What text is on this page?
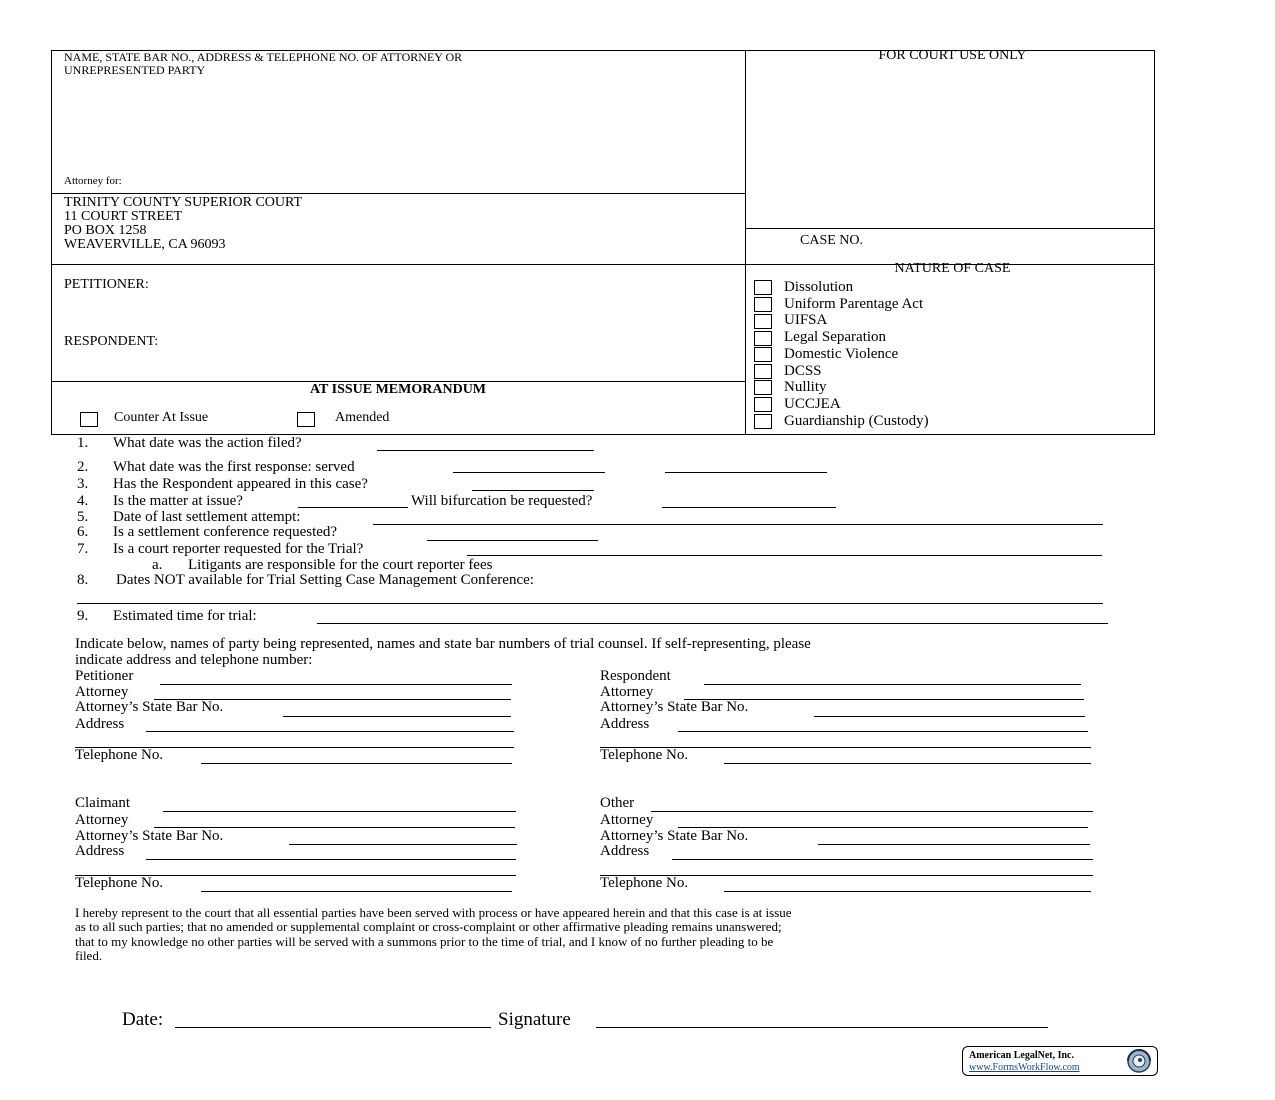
NAME, STATE BAR NO., ADDRESS & TELEPHONE NO. OF ATTORNEY OR
UNREPRESENTED PARTY
Attorney for:
FOR COURT USE ONLY
TRINITY COUNTY SUPERIOR COURT
11 COURT STREET
PO BOX 1258
WEAVERVILLE, CA 96093	CASE NO.
PETITIONER:
RESPONDENT:
AT ISSUE MEMORANDUM
Counter At Issue	Amended
NATURE OF CASE
Dissolution
Uniform Parentage Act
UIFSA
Legal Separation
Domestic Violence
DCSS
Nullity
UCCJEA
Guardianship (Custody)
1. What date was the action filed?
2. What date was the first response: served
3. Has the Respondent appeared in this case?
4. Is the matter at issue?	Will bifurcation be requested?
5. Date of last settlement attempt:
6. Is a settlement conference requested?
7. Is a court reporter requested for the Trial?
a. Litigants are responsible for the court reporter fees
8. Dates NOT available for Trial Setting Case Management Conference:
9. Estimated time for trial:
Indicate below, names of party being represented, names and state bar numbers of trial counsel. If self-representing, please
indicate address and telephone number:
Petitioner
Attorney
Attorney’s State Bar No.
Address
Telephone No.
Respondent
Attorney
Attorney’s State Bar No.
Address
Telephone No.
Claimant
Attorney
Attorney’s State Bar No.
Address
Telephone No.
Other
Attorney
Attorney’s State Bar No.
Address
Telephone No.
I hereby represent to the court that all essential parties have been served with process or have appeared herein and that this case is at issue
as to all such parties; that no amended or supplemental complaint or cross-complaint or other affirmative pleading remains unanswered;
that to my knowledge no other parties will be served with a summons prior to the time of trial, and I know of no further pleading to be
filed.
Date:	Signature
American LegalNet, Inc.
www.FormsWorkFlow.com
